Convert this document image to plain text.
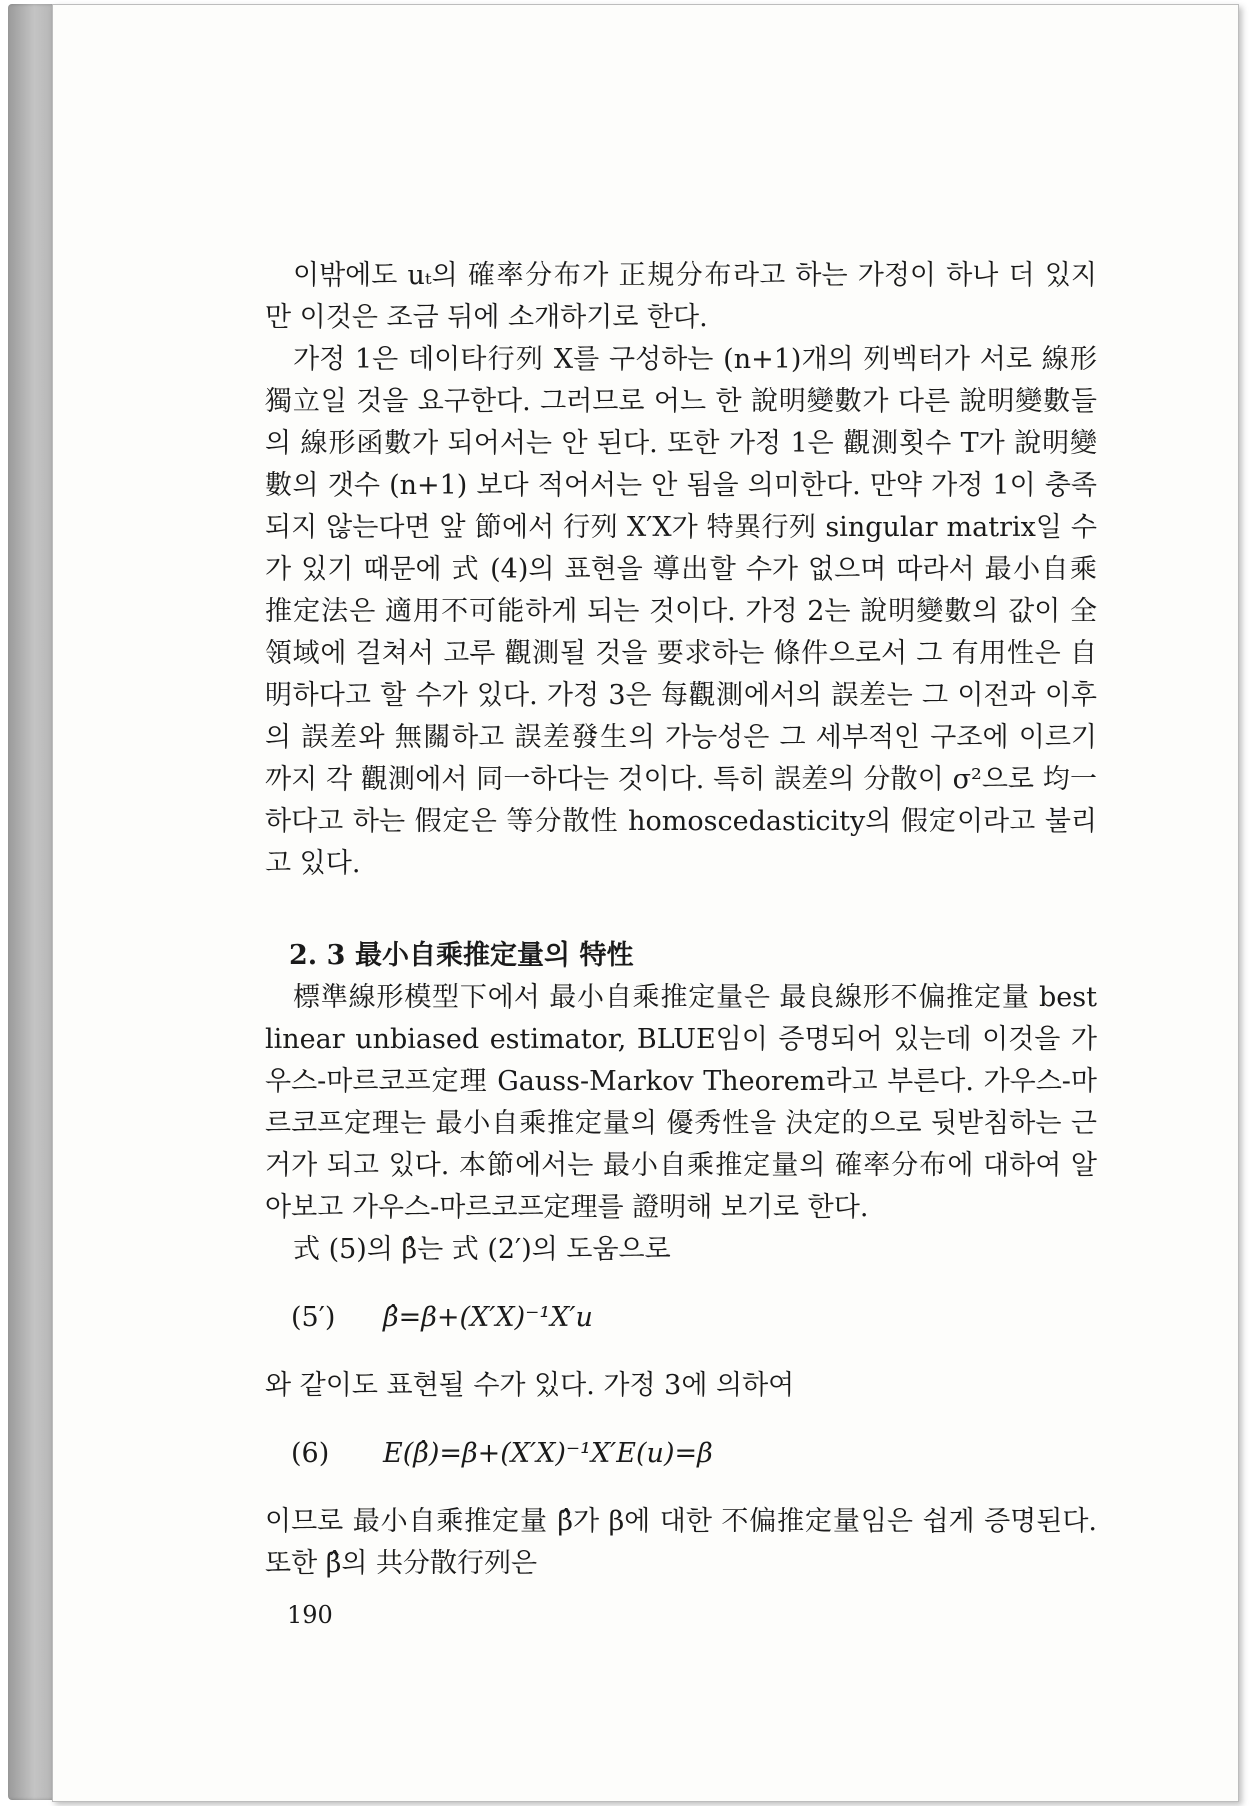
이밖에도 uₜ의 確率分布가 正規分布라고 하는 가정이 하나 더 있지만 이것은 조금 뒤에 소개하기로 한다.

가정 1은 데이타行列 X를 구성하는 (n+1)개의 列벡터가 서로 線形獨立일 것을 요구한다. 그러므로 어느 한 說明變數가 다른 說明變數들의 線形函數가 되어서는 안 된다. 또한 가정 1은 觀測횟수 T가 說明變數의 갯수 (n+1) 보다 적어서는 안 됨을 의미한다. 만약 가정 1이 충족되지 않는다면 앞 節에서 行列 X′X가 特異行列 singular matrix일 수가 있기 때문에 式 (4)의 표현을 導出할 수가 없으며 따라서 最小自乘推定法은 適用不可能하게 되는 것이다. 가정 2는 說明變數의 값이 全領域에 걸쳐서 고루 觀測될 것을 要求하는 條件으로서 그 有用性은 自明하다고 할 수가 있다. 가정 3은 每觀測에서의 誤差는 그 이전과 이후의 誤差와 無關하고 誤差發生의 가능성은 그 세부적인 구조에 이르기까지 각 觀測에서 同一하다는 것이다. 특히 誤差의 分散이 σ²으로 均一하다고 하는 假定은 等分散性 homoscedasticity의 假定이라고 불리고 있다.

2. 3 最小自乘推定量의 特性

標準線形模型下에서 最小自乘推定量은 最良線形不偏推定量 best linear unbiased estimator, BLUE임이 증명되어 있는데 이것을 가우스-마르코프定理 Gauss-Markov Theorem라고 부른다. 가우스-마르코프定理는 最小自乘推定量의 優秀性을 決定的으로 뒷받침하는 근거가 되고 있다. 本節에서는 最小自乘推定量의 確率分布에 대하여 알아보고 가우스-마르코프定理를 證明해 보기로 한다.

式 (5)의 β̂는 式 (2′)의 도움으로

(5′) β̂=β+(X′X)⁻¹X′u

와 같이도 표현될 수가 있다. 가정 3에 의하여

(6) E(β̂)=β+(X′X)⁻¹X′E(u)=β

이므로 最小自乘推定量 β̂가 β에 대한 不偏推定量임은 쉽게 증명된다. 또한 β̂의 共分散行列은

190
